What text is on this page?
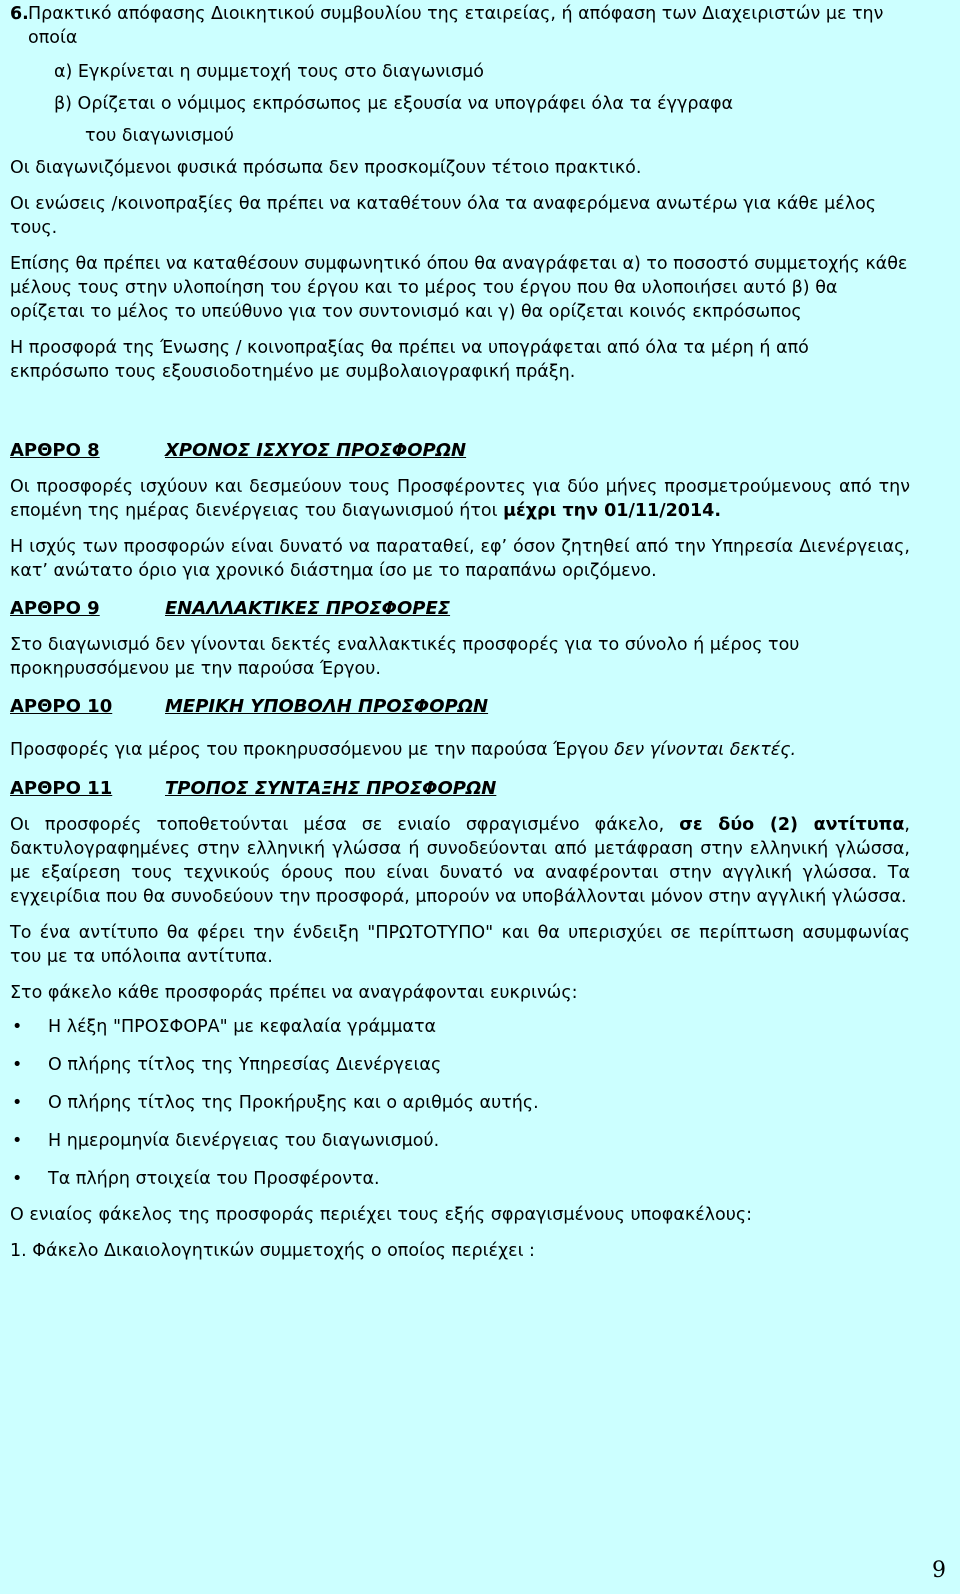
6. Πρακτικό απόφασης Διοικητικού συμβουλίου της εταιρείας, ή απόφαση των Διαχειριστών με την οποία
α) Εγκρίνεται η συμμετοχή τους στο διαγωνισμό
β) Ορίζεται ο νόμιμος εκπρόσωπος με εξουσία να υπογράφει όλα τα έγγραφα
του διαγωνισμού
Οι διαγωνιζόμενοι φυσικά πρόσωπα δεν προσκομίζουν τέτοιο πρακτικό.
Οι ενώσεις /κοινοπραξίες θα πρέπει να καταθέτουν όλα τα αναφερόμενα ανωτέρω για κάθε μέλος τους.
Επίσης θα πρέπει να καταθέσουν συμφωνητικό όπου θα αναγράφεται α) το ποσοστό συμμετοχής κάθε μέλους τους στην υλοποίηση του έργου και το μέρος του έργου που θα υλοποιήσει αυτό β) θα ορίζεται το μέλος το υπεύθυνο για τον συντονισμό και γ) θα ορίζεται κοινός εκπρόσωπος
Η προσφορά της Ένωσης / κοινοπραξίας θα πρέπει να υπογράφεται από όλα τα μέρη ή από εκπρόσωπο τους εξουσιοδοτημένο με συμβολαιογραφική πράξη.
ΑΡΘΡΟ 8	ΧΡΟΝΟΣ ΙΣΧΥΟΣ ΠΡΟΣΦΟΡΩΝ
Οι προσφορές ισχύουν και δεσμεύουν τους Προσφέροντες για δύο μήνες προσμετρούμενους από την επομένη της ημέρας διενέργειας του διαγωνισμού ήτοι μέχρι την 01/11/2014.
Η ισχύς των προσφορών είναι δυνατό να παραταθεί, εφ’ όσον ζητηθεί από την Υπηρεσία Διενέργειας, κατ’ ανώτατο όριο για χρονικό διάστημα ίσο με το παραπάνω οριζόμενο.
ΑΡΘΡΟ 9	ΕΝΑΛΛΑΚΤΙΚΕΣ ΠΡΟΣΦΟΡΕΣ
Στο διαγωνισμό δεν γίνονται δεκτές εναλλακτικές προσφορές για το σύνολο ή μέρος του προκηρυσσόμενου με την παρούσα Έργου.
ΑΡΘΡΟ 10	ΜΕΡΙΚΗ ΥΠΟΒΟΛΗ ΠΡΟΣΦΟΡΩΝ
Προσφορές για μέρος του προκηρυσσόμενου με την παρούσα Έργου δεν γίνονται δεκτές.
ΑΡΘΡΟ 11	ΤΡΟΠΟΣ ΣΥΝΤΑΞΗΣ ΠΡΟΣΦΟΡΩΝ
Οι προσφορές τοποθετούνται μέσα σε ενιαίο σφραγισμένο φάκελο, σε δύο (2) αντίτυπα, δακτυλογραφημένες στην ελληνική γλώσσα ή συνοδεύονται από μετάφραση στην ελληνική γλώσσα, με εξαίρεση τους τεχνικούς όρους που είναι δυνατό να αναφέρονται στην αγγλική γλώσσα. Τα εγχειρίδια που θα συνοδεύουν την προσφορά, μπορούν να υποβάλλονται μόνον στην αγγλική γλώσσα.
Το ένα αντίτυπο θα φέρει την ένδειξη "ΠΡΩΤΟΤΥΠΟ" και θα υπερισχύει σε περίπτωση ασυμφωνίας του με τα υπόλοιπα αντίτυπα.
Στο φάκελο κάθε προσφοράς πρέπει να αναγράφονται ευκρινώς:
•	Η λέξη "ΠΡΟΣΦΟΡΑ" με κεφαλαία γράμματα
•	Ο πλήρης τίτλος της Υπηρεσίας Διενέργειας
•	Ο πλήρης τίτλος της Προκήρυξης και ο αριθμός αυτής.
•	Η ημερομηνία διενέργειας του διαγωνισμού.
•	Τα πλήρη στοιχεία του Προσφέροντα.
Ο ενιαίος φάκελος της προσφοράς περιέχει τους εξής σφραγισμένους υποφακέλους:
1. Φάκελο Δικαιολογητικών συμμετοχής ο οποίος περιέχει :
9
